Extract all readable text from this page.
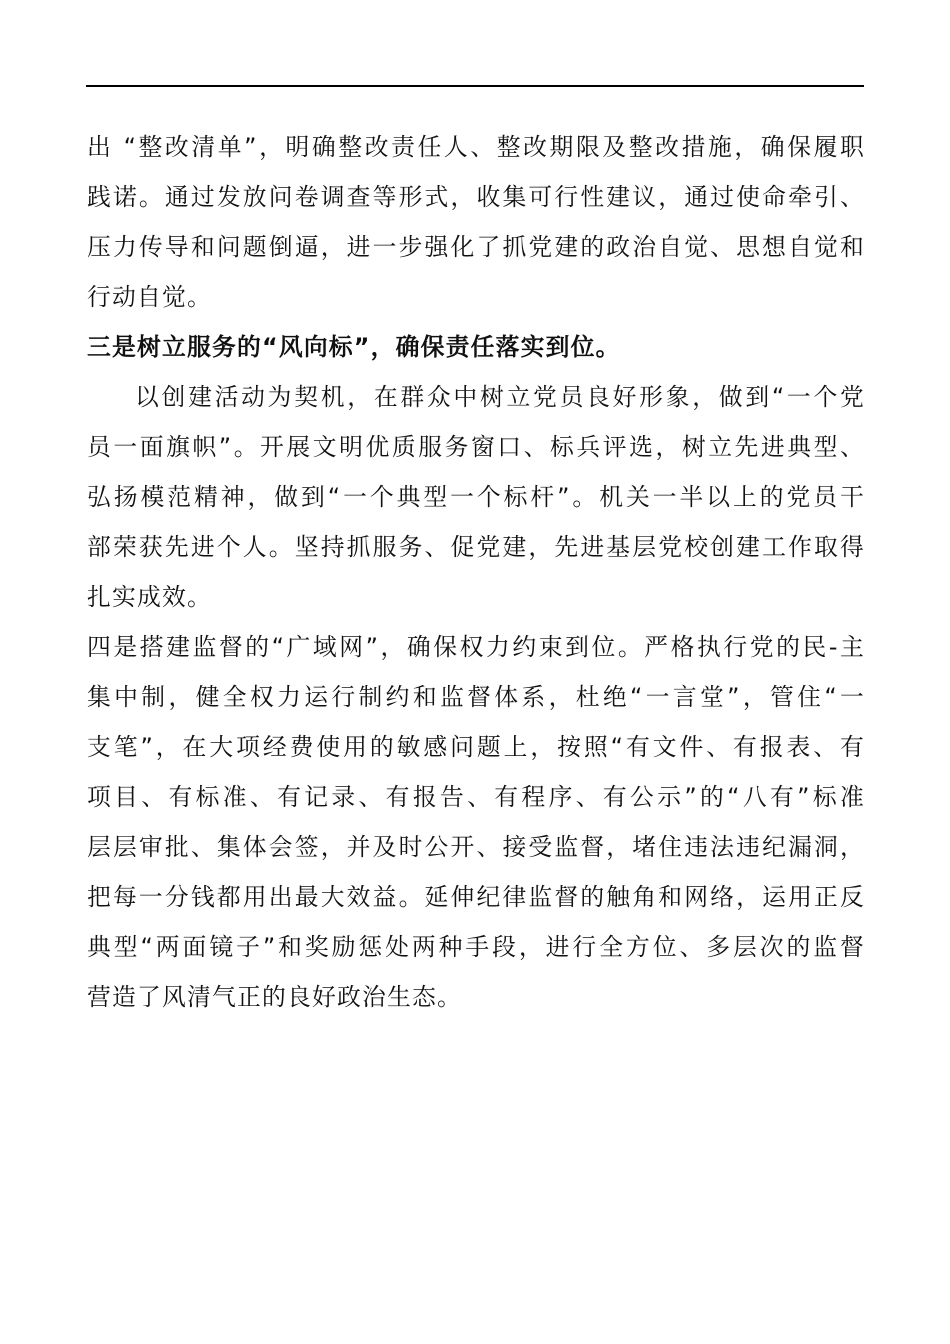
出 “整改清单”，明确整改责任人、整改期限及整改措施，确保履职
践诺。通过发放问卷调查等形式，收集可行性建议，通过使命牵引、
压力传导和问题倒逼，进一步强化了抓党建的政治自觉、思想自觉和
行动自觉。
三是树立服务的“风向标”，确保责任落实到位。
以创建活动为契机，在群众中树立党员良好形象，做到“一个党
员一面旗帜”。开展文明优质服务窗口、标兵评选，树立先进典型、
弘扬模范精神，做到“一个典型一个标杆”。机关一半以上的党员干
部荣获先进个人。坚持抓服务、促党建，先进基层党校创建工作取得
扎实成效。
四是搭建监督的“广域网”，确保权力约束到位。严格执行党的民-主
集中制，健全权力运行制约和监督体系，杜绝“一言堂”，管住“一
支笔”，在大项经费使用的敏感问题上，按照“有文件、有报表、有
项目、有标准、有记录、有报告、有程序、有公示”的“八有”标准
层层审批、集体会签，并及时公开、接受监督，堵住违法违纪漏洞，
把每一分钱都用出最大效益。延伸纪律监督的触角和网络，运用正反
典型“两面镜子”和奖励惩处两种手段，进行全方位、多层次的监督
营造了风清气正的良好政治生态。
